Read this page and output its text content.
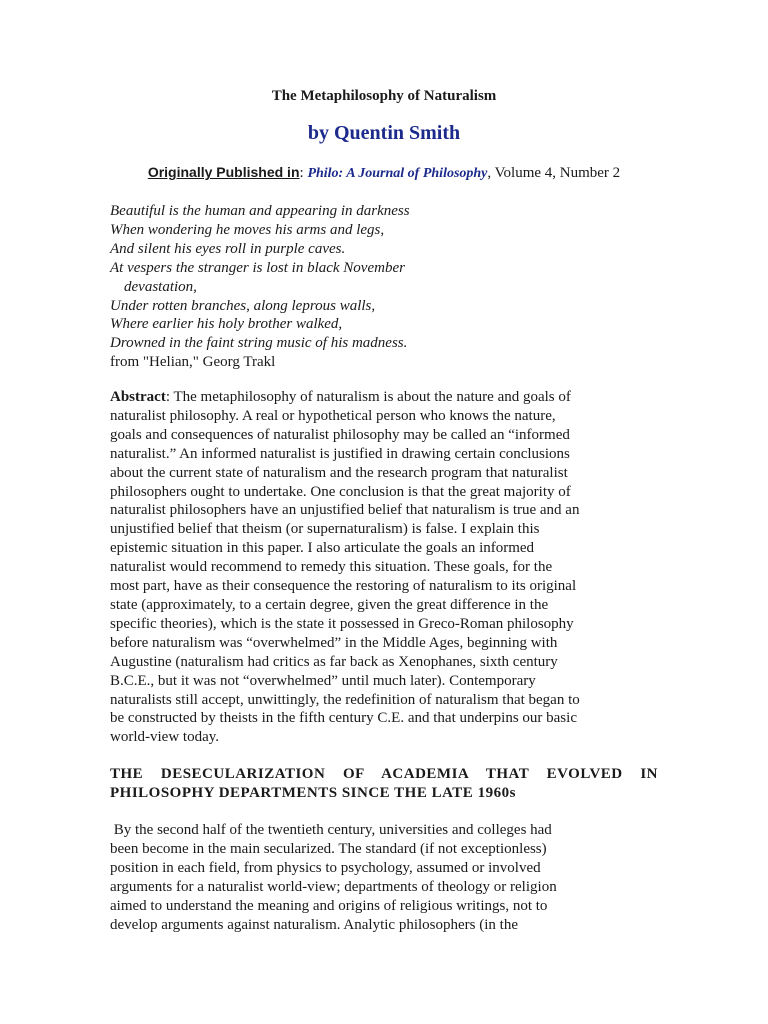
The Metaphilosophy of Naturalism
by Quentin Smith
Originally Published in: Philo: A Journal of Philosophy, Volume 4, Number 2
Beautiful is the human and appearing in darkness
When wondering he moves his arms and legs,
And silent his eyes roll in purple caves.
At vespers the stranger is lost in black November
devastation,
Under rotten branches, along leprous walls,
Where earlier his holy brother walked,
Drowned in the faint string music of his madness.
from "Helian," Georg Trakl
Abstract: The metaphilosophy of naturalism is about the nature and goals of
naturalist philosophy. A real or hypothetical person who knows the nature,
goals and consequences of naturalist philosophy may be called an “informed
naturalist.” An informed naturalist is justified in drawing certain conclusions
about the current state of naturalism and the research program that naturalist
philosophers ought to undertake. One conclusion is that the great majority of
naturalist philosophers have an unjustified belief that naturalism is true and an
unjustified belief that theism (or supernaturalism) is false. I explain this
epistemic situation in this paper. I also articulate the goals an informed
naturalist would recommend to remedy this situation. These goals, for the
most part, have as their consequence the restoring of naturalism to its original
state (approximately, to a certain degree, given the great difference in the
specific theories), which is the state it possessed in Greco-Roman philosophy
before naturalism was “overwhelmed” in the Middle Ages, beginning with
Augustine (naturalism had critics as far back as Xenophanes, sixth century
B.C.E., but it was not “overwhelmed” until much later). Contemporary
naturalists still accept, unwittingly, the redefinition of naturalism that began to
be constructed by theists in the fifth century C.E. and that underpins our basic
world-view today.
THE DESECULARIZATION OF ACADEMIA THAT EVOLVED IN
PHILOSOPHY DEPARTMENTS SINCE THE LATE 1960s
By the second half of the twentieth century, universities and colleges had
been become in the main secularized. The standard (if not exceptionless)
position in each field, from physics to psychology, assumed or involved
arguments for a naturalist world-view; departments of theology or religion
aimed to understand the meaning and origins of religious writings, not to
develop arguments against naturalism. Analytic philosophers (in the
